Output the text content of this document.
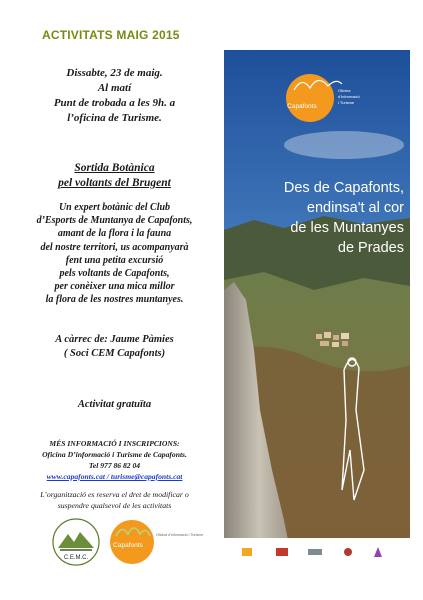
ACTIVITATS MAIG 2015
Dissabte, 23 de maig.
Al matí
Punt de trobada a les 9h. a
l’oficina de Turisme.
Sortida Botànica
pel voltants del Brugent
Un expert botànic del Club
d’Esports de Muntanya de Capafonts,
amant de la flora i la fauna
del nostre territori, us acompanyarà
fent una petita excursió
pels voltants de Capafonts,
per conèixer una mica millor
la flora de les nostres muntanyes.
A càrrec de: Jaume Pàmies
( Soci CEM Capafonts)
Activitat gratuïta
MÉS INFORMACIÓ I INSCRIPCIONS:
Oficina D’informació i Turisme de Capafonts.
Tel 977 86 82 04
www.capafonts.cat / turisme@capafonts.cat
L’organització es reserva el dret de modificar o
suspendre qualsevol de les activitats
C.E.M.C.
Capafonts
Oficina d'Informació i Turisme
Capafonts
Oficina
d'Informació
i Turisme
Des de Capafonts,
endinsa't al cor
de les Muntanyes
de Prades
